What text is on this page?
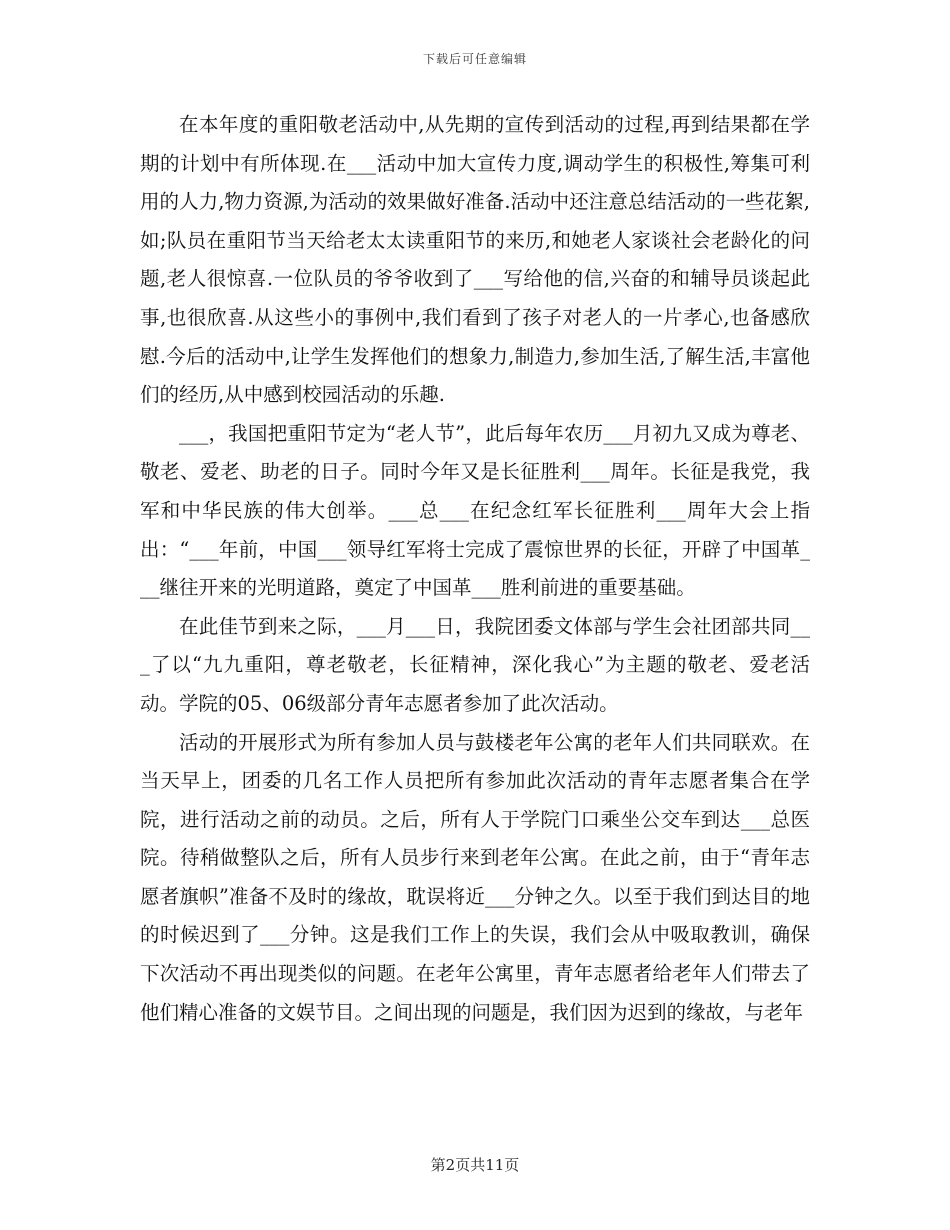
下载后可任意编辑

在本年度的重阳敬老活动中,从先期的宣传到活动的过程,再到结果都在学期的计划中有所体现.在___活动中加大宣传力度,调动学生的积极性,筹集可利用的人力,物力资源,为活动的效果做好准备.活动中还注意总结活动的一些花絮,如;队员在重阳节当天给老太太读重阳节的来历,和她老人家谈社会老龄化的问题,老人很惊喜.一位队员的爷爷收到了___写给他的信,兴奋的和辅导员谈起此事,也很欣喜.从这些小的事例中,我们看到了孩子对老人的一片孝心,也备感欣慰.今后的活动中,让学生发挥他们的想象力,制造力,参加生活,了解生活,丰富他们的经历,从中感到校园活动的乐趣.

___，我国把重阳节定为“老人节”，此后每年农历___月初九又成为尊老、敬老、爱老、助老的日子。同时今年又是长征胜利___周年。长征是我党，我军和中华民族的伟大创举。___总___在纪念红军长征胜利___周年大会上指出：“___年前，中国___领导红军将士完成了震惊世界的长征，开辟了中国革___继往开来的光明道路，奠定了中国革___胜利前进的重要基础。

在此佳节到来之际，___月___日，我院团委文体部与学生会社团部共同___了以“九九重阳，尊老敬老，长征精神，深化我心”为主题的敬老、爱老活动。学院的05、06级部分青年志愿者参加了此次活动。

活动的开展形式为所有参加人员与鼓楼老年公寓的老年人们共同联欢。在当天早上，团委的几名工作人员把所有参加此次活动的青年志愿者集合在学院，进行活动之前的动员。之后，所有人于学院门口乘坐公交车到达___总医院。待稍做整队之后，所有人员步行来到老年公寓。在此之前，由于“青年志愿者旗帜”准备不及时的缘故，耽误将近___分钟之久。以至于我们到达目的地的时候迟到了___分钟。这是我们工作上的失误，我们会从中吸取教训，确保下次活动不再出现类似的问题。在老年公寓里，青年志愿者给老年人们带去了他们精心准备的文娱节目。之间出现的问题是，我们因为迟到的缘故，与老年

第2页共11页
